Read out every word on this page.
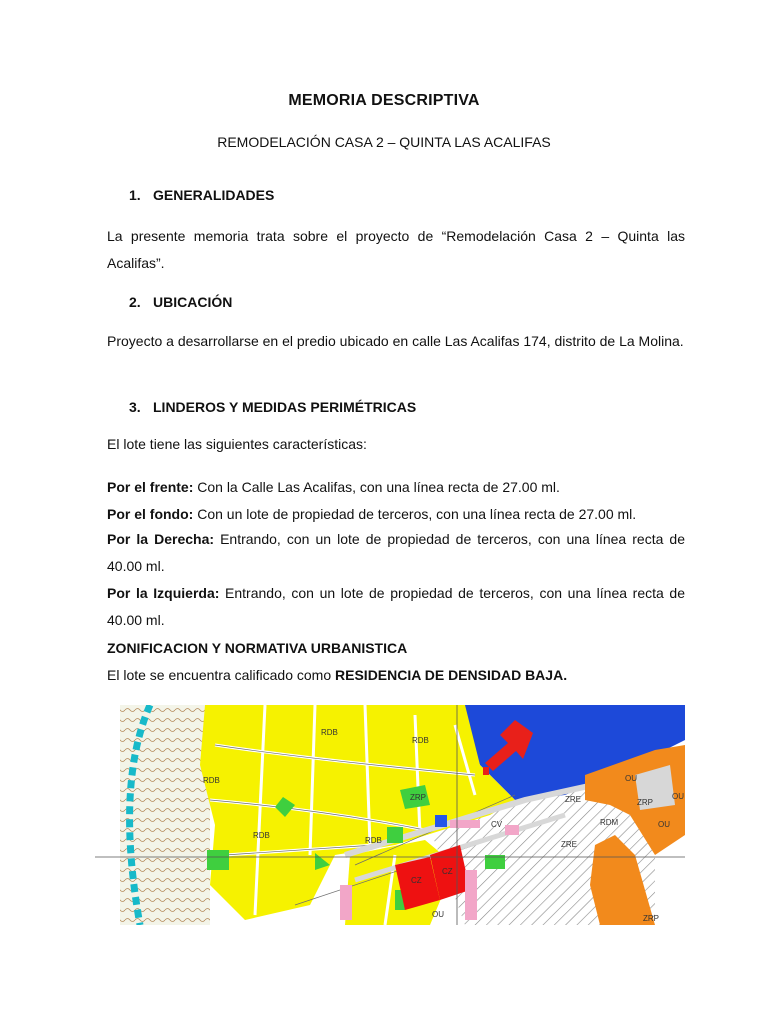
MEMORIA DESCRIPTIVA
REMODELACIÓN CASA 2 – QUINTA LAS ACALIFAS
1. GENERALIDADES
La presente memoria trata sobre el proyecto de “Remodelación Casa 2 – Quinta las Acalifas”.
2. UBICACIÓN
Proyecto a desarrollarse en el predio ubicado en calle Las Acalifas 174, distrito de La Molina.
3. LINDEROS Y MEDIDAS PERIMÉTRICAS
El lote tiene las siguientes características:
Por el frente: Con la Calle Las Acalifas, con una línea recta de 27.00 ml.
Por el fondo: Con un lote de propiedad de terceros, con una línea recta de 27.00 ml.
Por la Derecha: Entrando, con un lote de propiedad de terceros, con una línea recta de 40.00 ml.
Por la Izquierda: Entrando, con un lote de propiedad de terceros, con una línea recta de 40.00 ml.
ZONIFICACION Y NORMATIVA URBANISTICA
El lote se encuentra calificado como RESIDENCIA DE DENSIDAD BAJA.
RDB
RDB
RDB
RDB
RDB
ZRP
ZRP
OU
OU
OU
CZ
CZ
CV
ZRE
ZRE
RDM
ZRP
OU
